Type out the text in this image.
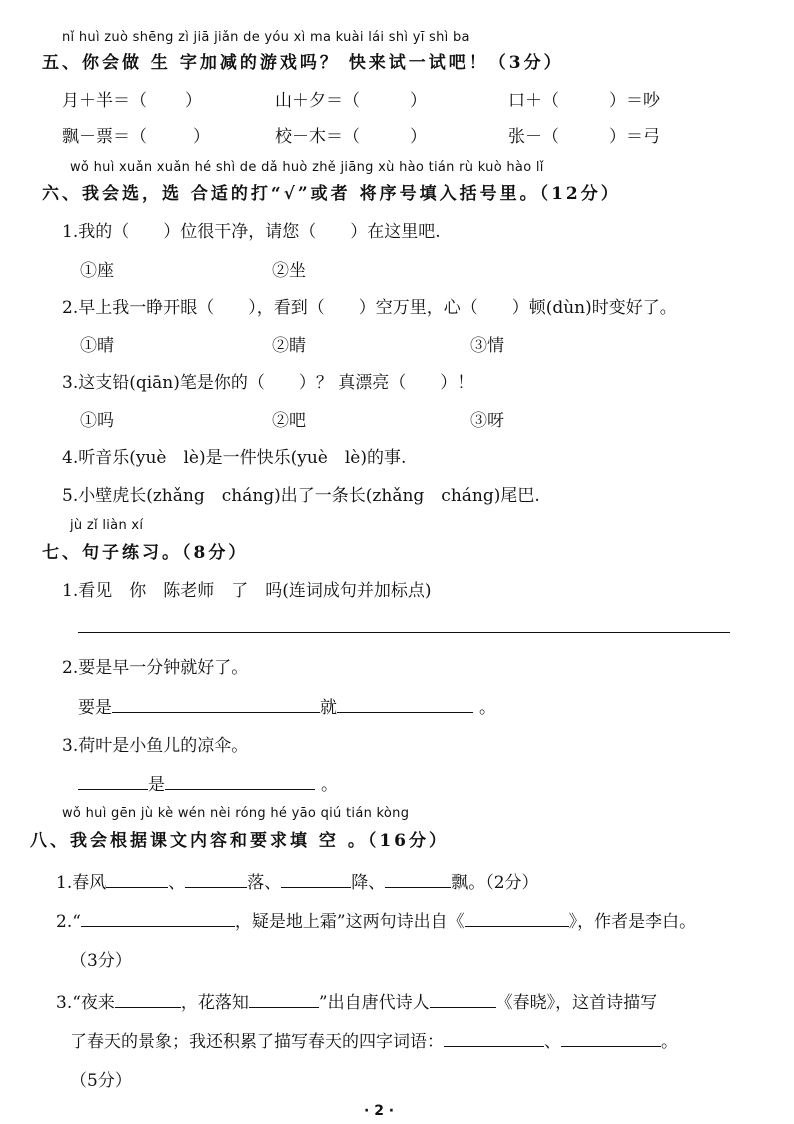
nǐ huì zuò shēng zì jiā jiǎn de yóu xì ma kuài lái shì yī shì ba
五、你会做 生 字加减的游戏吗？ 快来试一试吧！（3分）
月＋半＝（ ）	山＋夕＝（	）	口＋（	）＝吵
飘－票＝（	）	校－木＝（	）	张－（	）＝弓
wǒ huì xuǎn xuǎn hé shì de dǎ huò zhě jiāng xù hào tián rù kuò hào lǐ
六、我会选，选 合适的打“√”或者 将序号填入括号里。（12分）
1.我的（　　）位很干净，请您（　　）在这里吧.
①座	②坐
2.早上我一睁开眼（　　），看到（　　）空万里，心（　　）顿(dùn)时变好了。
①晴	②睛	③情
3.这支铅(qiān)笔是你的（　　）？ 真漂亮（　　）！
①吗	②吧	③呀
4.听音乐(yuè　lè)是一件快乐(yuè　lè)的事.
5.小壁虎长(zhǎng　cháng)出了一条长(zhǎng　cháng)尾巴.
jù zǐ liàn xí
七、句子练习。（8分）
1.看见　你　陈老师　了　吗(连词成句并加标点)
2.要是早一分钟就好了。
要是	就	。
3.荷叶是小鱼儿的凉伞。
是	。
wǒ huì gēn jù kè wén nèi róng hé yāo qiú tián kòng
八、我会根据课文内容和要求填 空 。（16分）
1.春风	、	落、	降、	飘。（2分）
2.“	，疑是地上霜”这两句诗出自《	》，作者是李白。
（3分）
3.“夜来	，花落知	”出自唐代诗人	《春晓》，这首诗描写
了春天的景象；我还积累了描写春天的四字词语：	、	。
（5分）
· 2 ·
